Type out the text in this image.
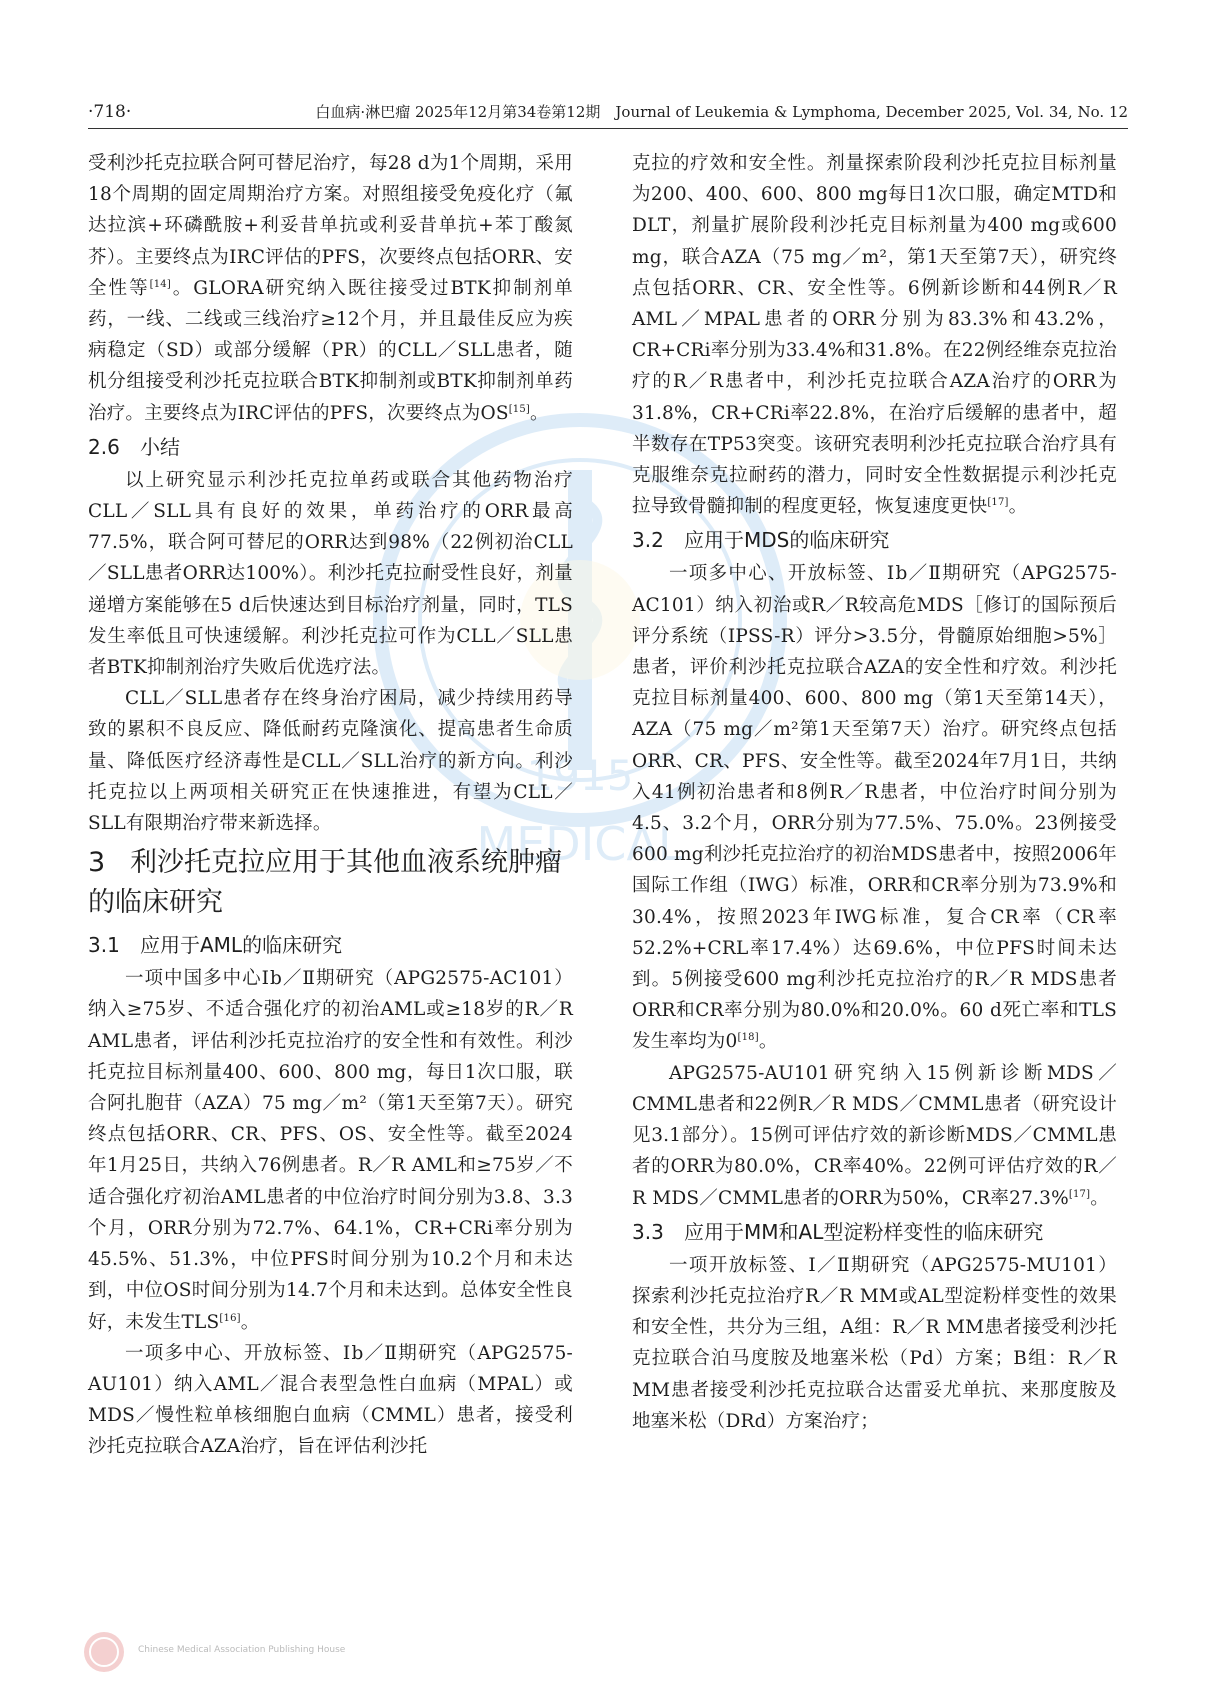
·718·	白血病·淋巴瘤 2025年12月第34卷第12期　Journal of Leukemia & Lymphoma, December 2025, Vol. 34, No. 12
1915
MEDICAL

受利沙托克拉联合阿可替尼治疗，每28 d为1个周期，采用18个周期的固定周期治疗方案。对照组接受免疫化疗（氟达拉滨+环磷酰胺+利妥昔单抗或利妥昔单抗+苯丁酸氮芥）。主要终点为IRC评估的PFS，次要终点包括ORR、安全性等[14]。GLORA研究纳入既往接受过BTK抑制剂单药，一线、二线或三线治疗≥12个月，并且最佳反应为疾病稳定（SD）或部分缓解（PR）的CLL／SLL患者，随机分组接受利沙托克拉联合BTK抑制剂或BTK抑制剂单药治疗。主要终点为IRC评估的PFS，次要终点为OS[15]。

2.6 小结

以上研究显示利沙托克拉单药或联合其他药物治疗CLL／SLL具有良好的效果，单药治疗的ORR最高77.5%，联合阿可替尼的ORR达到98%（22例初治CLL／SLL患者ORR达100%）。利沙托克拉耐受性良好，剂量递增方案能够在5 d后快速达到目标治疗剂量，同时，TLS发生率低且可快速缓解。利沙托克拉可作为CLL／SLL患者BTK抑制剂治疗失败后优选疗法。

CLL／SLL患者存在终身治疗困局，减少持续用药导致的累积不良反应、降低耐药克隆演化、提高患者生命质量、降低医疗经济毒性是CLL／SLL治疗的新方向。利沙托克拉以上两项相关研究正在快速推进，有望为CLL／SLL有限期治疗带来新选择。

3 利沙托克拉应用于其他血液系统肿瘤的临床研究
3.1 应用于AML的临床研究

一项中国多中心Ⅰb／Ⅱ期研究（APG2575-AC101）纳入≥75岁、不适合强化疗的初治AML或≥18岁的R／R AML患者，评估利沙托克拉治疗的安全性和有效性。利沙托克拉目标剂量400、600、800 mg，每日1次口服，联合阿扎胞苷（AZA）75 mg／m²（第1天至第7天）。研究终点包括ORR、CR、PFS、OS、安全性等。截至2024年1月25日，共纳入76例患者。R／R AML和≥75岁／不适合强化疗初治AML患者的中位治疗时间分别为3.8、3.3个月，ORR分别为72.7%、64.1%，CR+CRi率分别为45.5%、51.3%，中位PFS时间分别为10.2个月和未达到，中位OS时间分别为14.7个月和未达到。总体安全性良好，未发生TLS[16]。

一项多中心、开放标签、Ⅰb／Ⅱ期研究（APG2575-AU101）纳入AML／混合表型急性白血病（MPAL）或MDS／慢性粒单核细胞白血病（CMML）患者，接受利沙托克拉联合AZA治疗，旨在评估利沙托

克拉的疗效和安全性。剂量探索阶段利沙托克拉目标剂量为200、400、600、800 mg每日1次口服，确定MTD和DLT，剂量扩展阶段利沙托克目标剂量为400 mg或600 mg，联合AZA（75 mg／m²，第1天至第7天），研究终点包括ORR、CR、安全性等。6例新诊断和44例R／R AML／MPAL患者的ORR分别为83.3%和43.2%，CR+CRi率分别为33.4%和31.8%。在22例经维奈克拉治疗的R／R患者中，利沙托克拉联合AZA治疗的ORR为31.8%，CR+CRi率22.8%，在治疗后缓解的患者中，超半数存在TP53突变。该研究表明利沙托克拉联合治疗具有克服维奈克拉耐药的潜力，同时安全性数据提示利沙托克拉导致骨髓抑制的程度更轻，恢复速度更快[17]。

3.2 应用于MDS的临床研究

一项多中心、开放标签、Ⅰb／Ⅱ期研究（APG2575-AC101）纳入初治或R／R较高危MDS［修订的国际预后评分系统（IPSS-R）评分>3.5分，骨髓原始细胞>5%］患者，评价利沙托克拉联合AZA的安全性和疗效。利沙托克拉目标剂量400、600、800 mg（第1天至第14天），AZA（75 mg／m²第1天至第7天）治疗。研究终点包括ORR、CR、PFS、安全性等。截至2024年7月1日，共纳入41例初治患者和8例R／R患者，中位治疗时间分别为4.5、3.2个月，ORR分别为77.5%、75.0%。23例接受600 mg利沙托克拉治疗的初治MDS患者中，按照2006年国际工作组（IWG）标准，ORR和CR率分别为73.9%和30.4%，按照2023年IWG标准，复合CR率（CR率52.2%+CRL率17.4%）达69.6%，中位PFS时间未达到。5例接受600 mg利沙托克拉治疗的R／R MDS患者ORR和CR率分别为80.0%和20.0%。60 d死亡率和TLS发生率均为0[18]。

APG2575-AU101研究纳入15例新诊断MDS／CMML患者和22例R／R MDS／CMML患者（研究设计见3.1部分）。15例可评估疗效的新诊断MDS／CMML患者的ORR为80.0%，CR率40%。22例可评估疗效的R／R MDS／CMML患者的ORR为50%，CR率27.3%[17]。

3.3 应用于MM和AL型淀粉样变性的临床研究

一项开放标签、Ⅰ／Ⅱ期研究（APG2575-MU101）探索利沙托克拉治疗R／R MM或AL型淀粉样变性的效果和安全性，共分为三组，A组：R／R MM患者接受利沙托克拉联合泊马度胺及地塞米松（Pd）方案；B组：R／R MM患者接受利沙托克拉联合达雷妥尤单抗、来那度胺及地塞米松（DRd）方案治疗；

Chinese Medical Association Publishing House
